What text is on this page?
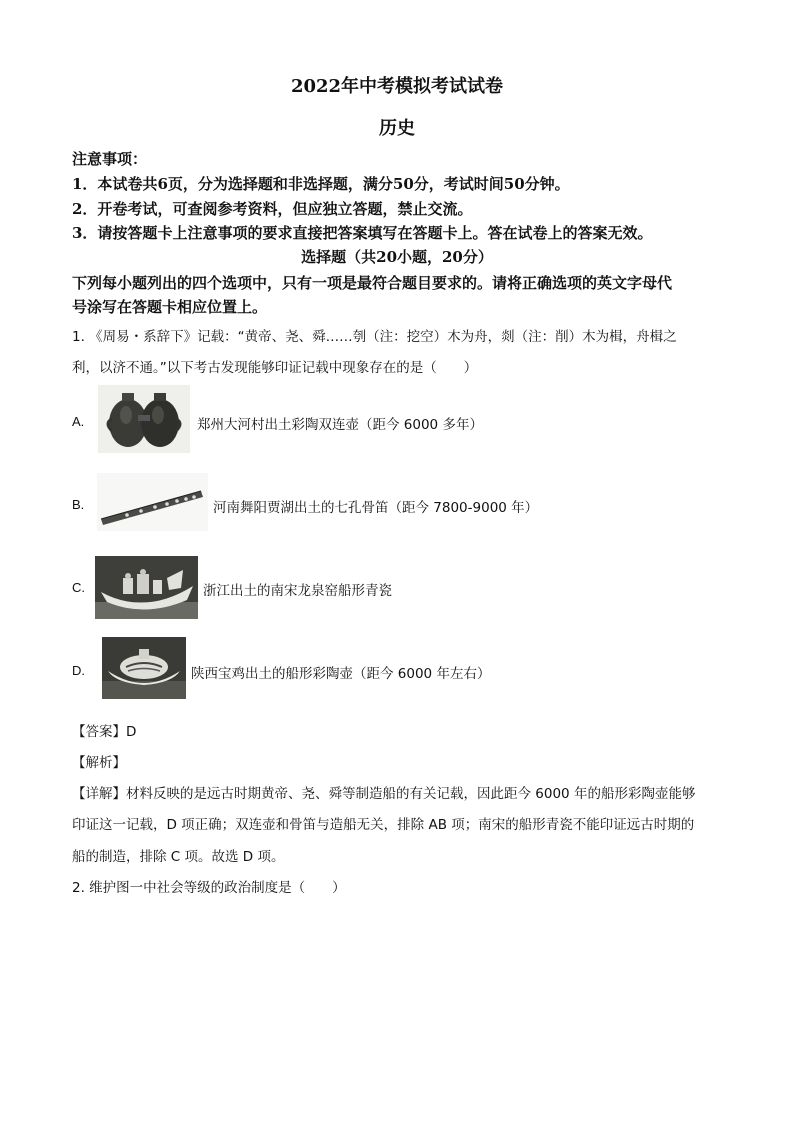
2022年中考模拟考试试卷
历史
注意事项：
1．本试卷共6页，分为选择题和非选择题，满分50分，考试时间50分钟。
2．开卷考试，可查阅参考资料，但应独立答题，禁止交流。
3．请按答题卡上注意事项的要求直接把答案填写在答题卡上。答在试卷上的答案无效。
选择题（共20小题，20分）
下列每小题列出的四个选项中，只有一项是最符合题目要求的。请将正确选项的英文字母代
号涂写在答题卡相应位置上。
1. 《周易・系辞下》记载：“黄帝、尧、舜……刳（注：挖空）木为舟，剡（注：削）木为楫，舟楫之
利，以济不通。”以下考古发现能够印证记载中现象存在的是（　　）
A.	郑州大河村出土彩陶双连壶（距今 6000 多年）
B.	河南舞阳贾湖出土的七孔骨笛（距今 7800-9000 年）
C.	浙江出土的南宋龙泉窑船形青瓷
D.	陕西宝鸡出土的船形彩陶壶（距今 6000 年左右）
【答案】D
【解析】
【详解】材料反映的是远古时期黄帝、尧、舜等制造船的有关记载，因此距今 6000 年的船形彩陶壶能够
印证这一记载，D 项正确；双连壶和骨笛与造船无关，排除 AB 项；南宋的船形青瓷不能印证远古时期的
船的制造，排除 C 项。故选 D 项。
2. 维护图一中社会等级的政治制度是（　　）
